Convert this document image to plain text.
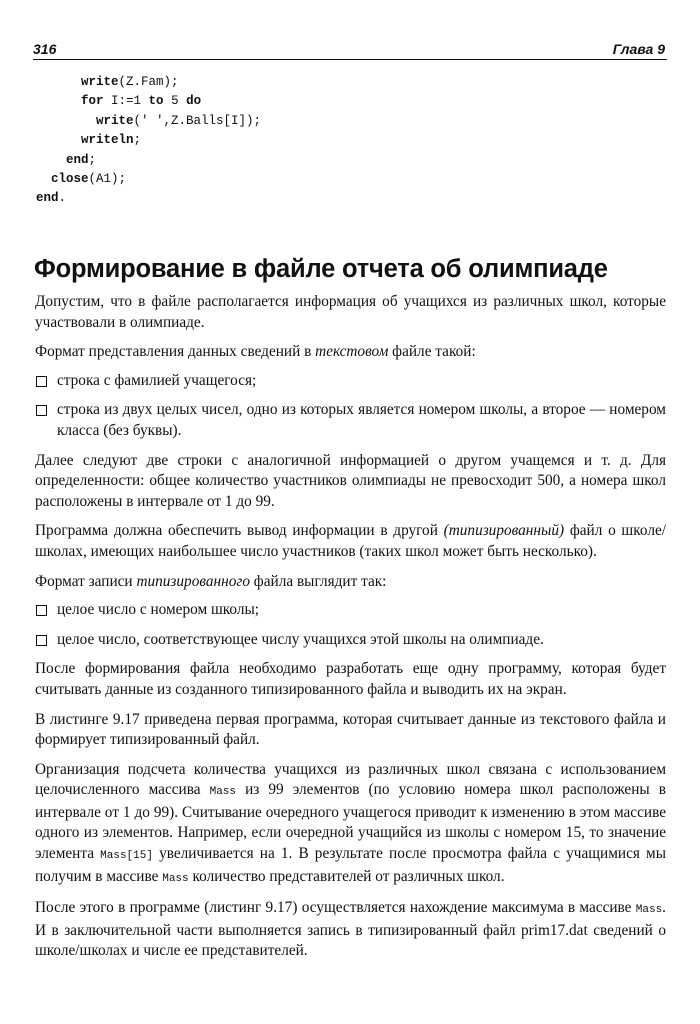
316	Глава 9
write(Z.Fam);
for I:=1 to 5 do
write(' ',Z.Balls[I]);
writeln;
end;
close(A1);
end.
Формирование в файле отчета об олимпиаде

Допустим, что в файле располагается информация об учащихся из различных школ, которые участвовали в олимпиаде.

Формат представления данных сведений в текстовом файле такой:

строка с фамилией учащегося;
строка из двух целых чисел, одно из которых является номером школы, а второе — номером класса (без буквы).

Далее следуют две строки с аналогичной информацией о другом учащемся и т. д. Для определенности: общее количество участников олимпиады не превосходит 500, а номера школ расположены в интервале от 1 до 99.

Программа должна обеспечить вывод информации в другой (типизированный) файл о школе/школах, имеющих наибольшее число участников (таких школ может быть несколько).

Формат записи типизированного файла выглядит так:

целое число с номером школы;
целое число, соответствующее числу учащихся этой школы на олимпиаде.

После формирования файла необходимо разработать еще одну программу, которая будет считывать данные из созданного типизированного файла и выводить их на экран.

В листинге 9.17 приведена первая программа, которая считывает данные из текстового файла и формирует типизированный файл.

Организация подсчета количества учащихся из различных школ связана с использованием целочисленного массива Mass из 99 элементов (по условию номера школ расположены в интервале от 1 до 99). Считывание очередного учащегося приводит к изменению в этом массиве одного из элементов. Например, если очередной учащийся из школы с номером 15, то значение элемента Mass[15] увеличивается на 1. В результате после просмотра файла с учащимися мы получим в массиве Mass количество представителей от различных школ.

После этого в программе (листинг 9.17) осуществляется нахождение максимума в массиве Mass. И в заключительной части выполняется запись в типизированный файл prim17.dat сведений о школе/школах и числе ее представителей.
